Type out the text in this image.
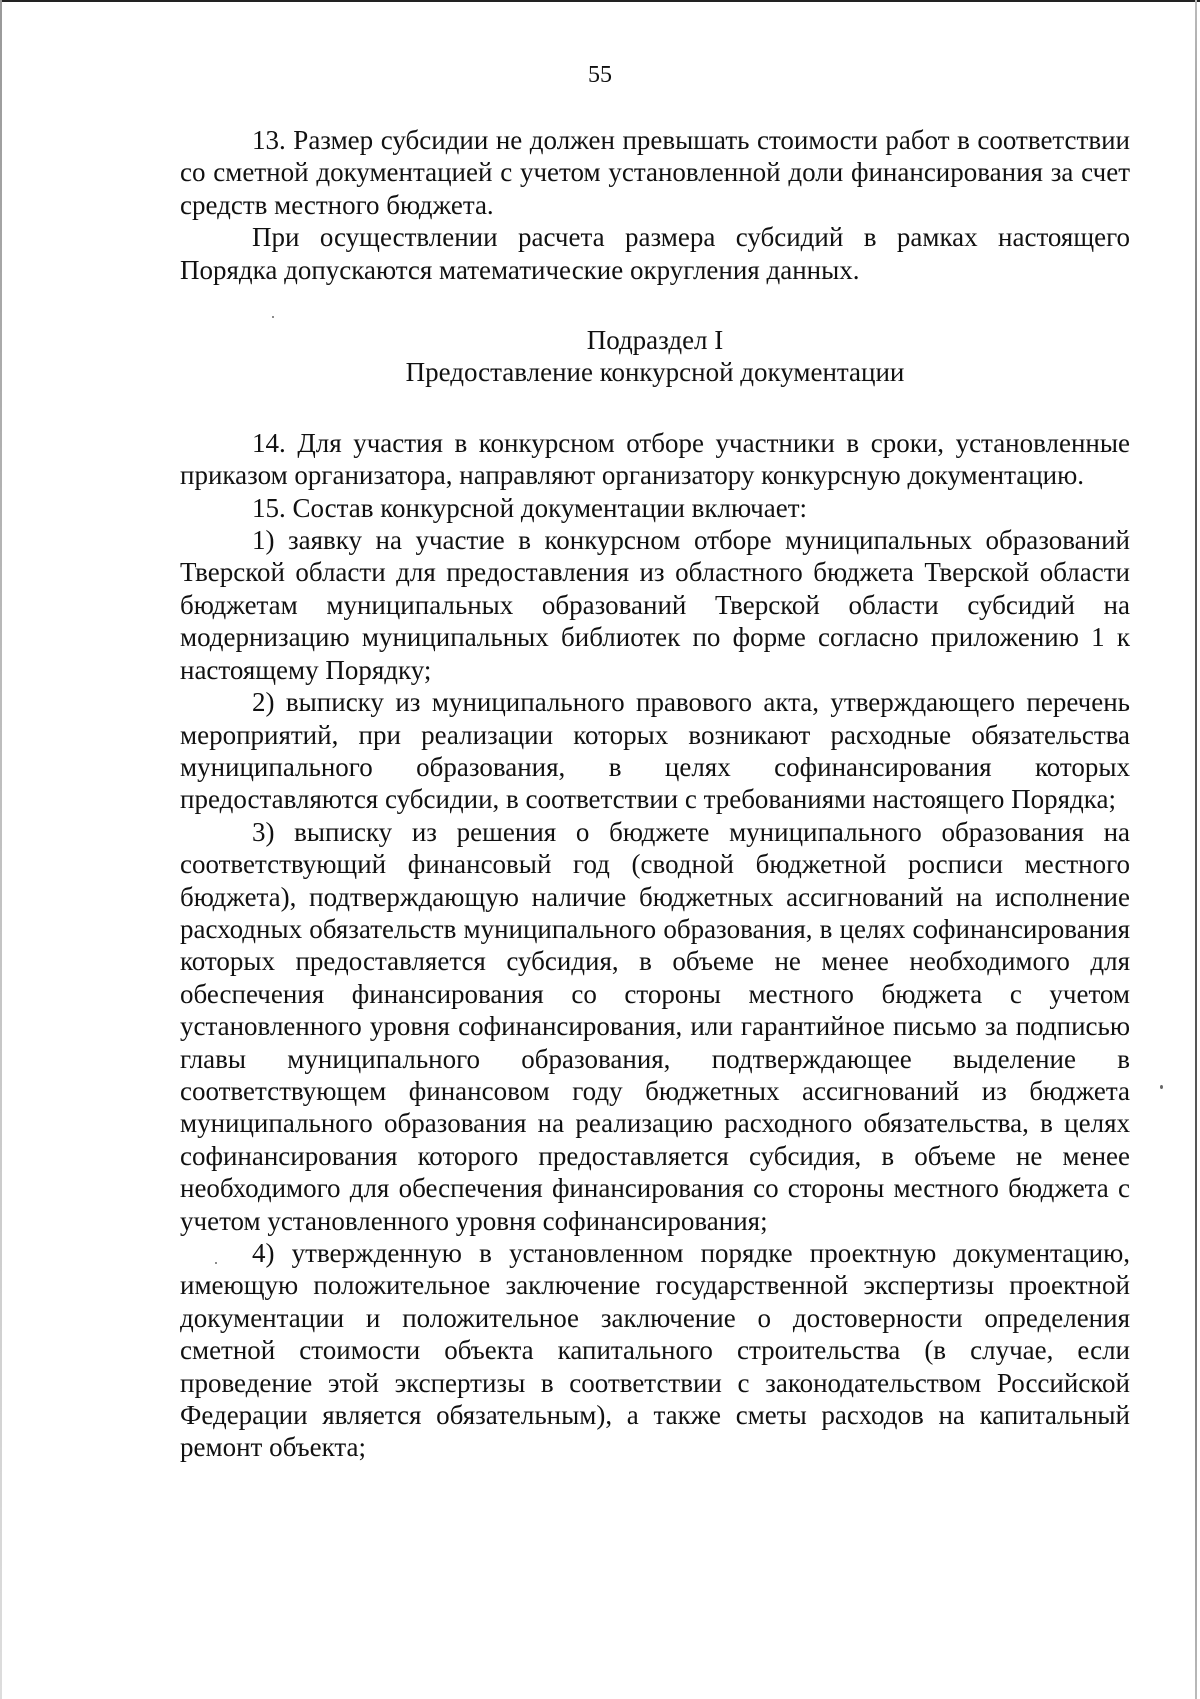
55

13. Размер субсидии не должен превышать стоимости работ в соответствии со сметной документацией с учетом установленной доли финансирования за счет средств местного бюджета.

При осуществлении расчета размера субсидий в рамках настоящего Порядка допускаются математические округления данных.

Подраздел I

Предоставление конкурсной документации

14. Для участия в конкурсном отборе участники в сроки, установленные приказом организатора, направляют организатору конкурсную документацию.

15. Состав конкурсной документации включает:

1) заявку на участие в конкурсном отборе муниципальных образований Тверской области для предоставления из областного бюджета Тверской области бюджетам муниципальных образований Тверской области субсидий на модернизацию муниципальных библиотек по форме согласно приложению 1 к настоящему Порядку;

2) выписку из муниципального правового акта, утверждающего перечень мероприятий, при реализации которых возникают расходные обязательства муниципального образования, в целях софинансирования которых предоставляются субсидии, в соответствии с требованиями настоящего Порядка;

3) выписку из решения о бюджете муниципального образования на соответствующий финансовый год (сводной бюджетной росписи местного бюджета), подтверждающую наличие бюджетных ассигнований на исполнение расходных обязательств муниципального образования, в целях софинансирования которых предоставляется субсидия, в объеме не менее необходимого для обеспечения финансирования со стороны местного бюджета с учетом установленного уровня софинансирования, или гарантийное письмо за подписью главы муниципального образования, подтверждающее выделение в соответствующем финансовом году бюджетных ассигнований из бюджета муниципального образования на реализацию расходного обязательства, в целях софинансирования которого предоставляется субсидия, в объеме не менее необходимого для обеспечения финансирования со стороны местного бюджета с учетом установленного уровня софинансирования;

4) утвержденную в установленном порядке проектную документацию, имеющую положительное заключение государственной экспертизы проектной документации и положительное заключение о достоверности определения сметной стоимости объекта капитального строительства (в случае, если проведение этой экспертизы в соответствии с законодательством Российской Федерации является обязательным), а также сметы расходов на капитальный ремонт объекта;
